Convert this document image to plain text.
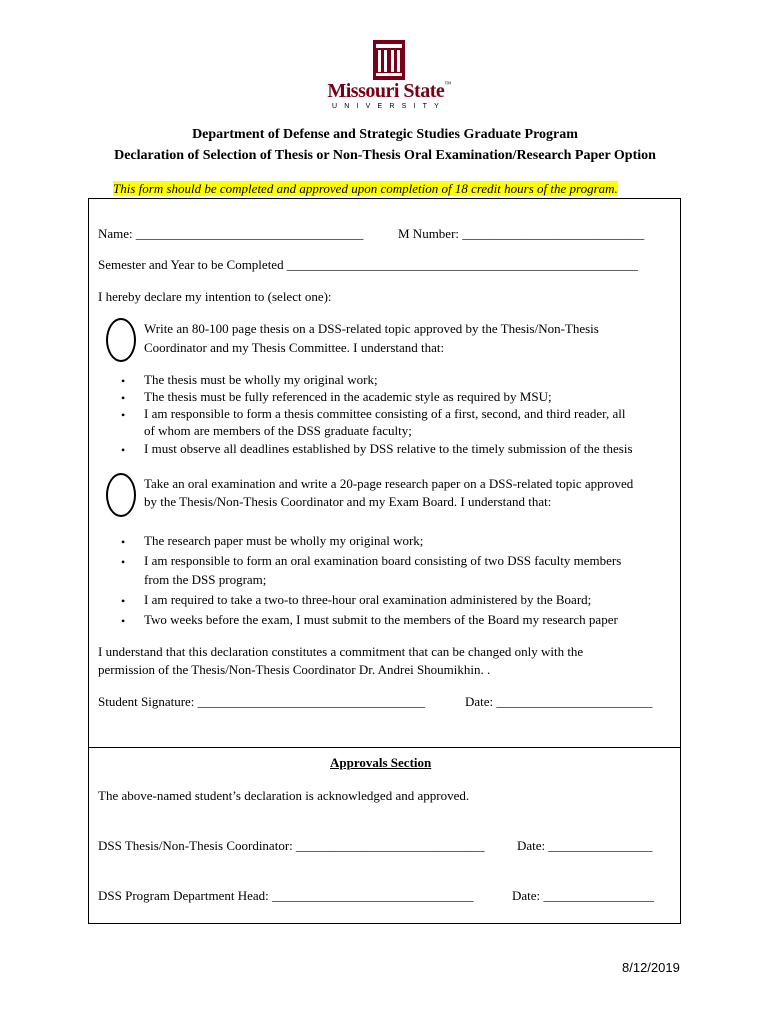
Missouri State™
UNIVERSITY
Department of Defense and Strategic Studies Graduate Program
Declaration of Selection of Thesis or Non-Thesis Oral Examination/Research Paper Option
This form should be completed and approved upon completion of 18 credit hours of the program.
Name: ___________________________________	M Number: ____________________________
Semester and Year to be Completed ______________________________________________________
I hereby declare my intention to (select one):
Write an 80-100 page thesis on a DSS-related topic approved by the Thesis/Non-Thesis
Coordinator and my Thesis Committee. I understand that:
• The thesis must be wholly my original work;
• The thesis must be fully referenced in the academic style as required by MSU;
• I am responsible to form a thesis committee consisting of a first, second, and third reader, all
of whom are members of the DSS graduate faculty;
• I must observe all deadlines established by DSS relative to the timely submission of the thesis
Take an oral examination and write a 20-page research paper on a DSS-related topic approved
by the Thesis/Non-Thesis Coordinator and my Exam Board. I understand that:
• The research paper must be wholly my original work;
• I am responsible to form an oral examination board consisting of two DSS faculty members
from the DSS program;
• I am required to take a two-to three-hour oral examination administered by the Board;
• Two weeks before the exam, I must submit to the members of the Board my research paper
I understand that this declaration constitutes a commitment that can be changed only with the
permission of the Thesis/Non-Thesis Coordinator Dr. Andrei Shoumikhin. .
Student Signature: ___________________________________	Date: ________________________
Approvals Section
The above-named student’s declaration is acknowledged and approved.
DSS Thesis/Non-Thesis Coordinator: _____________________________ Date: ________________
DSS Program Department Head: _______________________________	Date: _________________
8/12/2019
